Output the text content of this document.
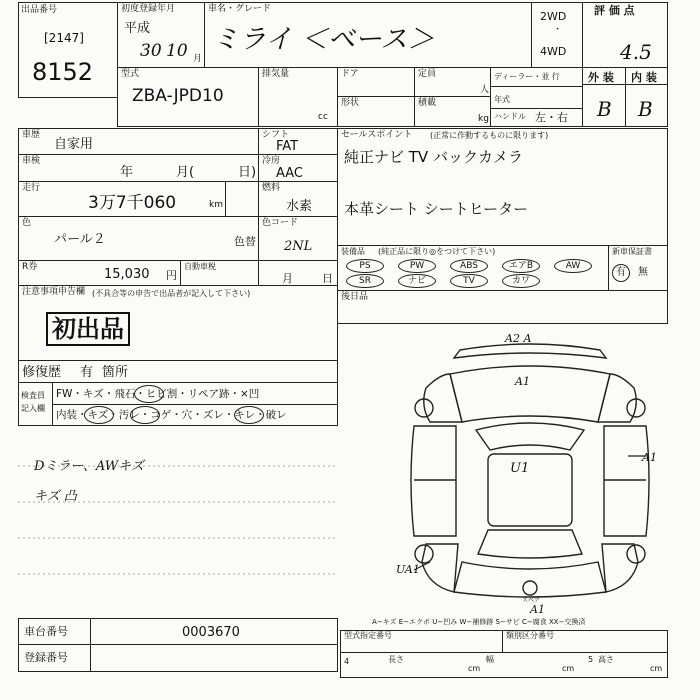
出品番号
[2147]
8152
初度登録年月
平成
30 10 月
車名・グレード
ミライ ＜ベース＞
2WD
・
4WD
評 価 点
4.5
型式
ZBA-JPD10
排気量
cc
ドア	定員
人
形状	積載
kg
ディーラー・並 行
年式
ハンドル 左・右
外 装 内 装
B B
車歴
自家用
車検
年	月(	日)
走行
3万7千060	km
色
パール２	色替
R券	15,030 円
自動車税
月	日
シフト
FAT
冷房
AAC
燃料
水素
色コード
2NL
セールスポイント (正常に作動するものに限ります)
純正ナビ TV バックカメラ
本革シート シートヒーター
装備品 (純正品に限り◎をつけて下さい)	新車保証書
有 無
PS	PW	ABS	エアB	AW
SR	ナビ	TV	カワ
後日品
注意事項申告欄 (不具合等の申告で出品者が記入して下さい)
初出品
修復歴 有 箇所
検査員
記入欄
FW・キズ・飛石・ヒビ割・リペア跡・×凹
内装・キズ・汚レ・コゲ・穴・ズレ・キレ・破レ
Dミラー、AWキズ
キズ 凸
A2 A
A1
U1
A1
UA1
A1
スペア
A−キズ E−エクボ U−凹み W−補修跡 S−サビ C−腐食 XX−交換済
車台番号	0003670
登録番号
型式指定番号	類別区分番号
4	長さ
cm
幅
cm
5 高さ
cm
